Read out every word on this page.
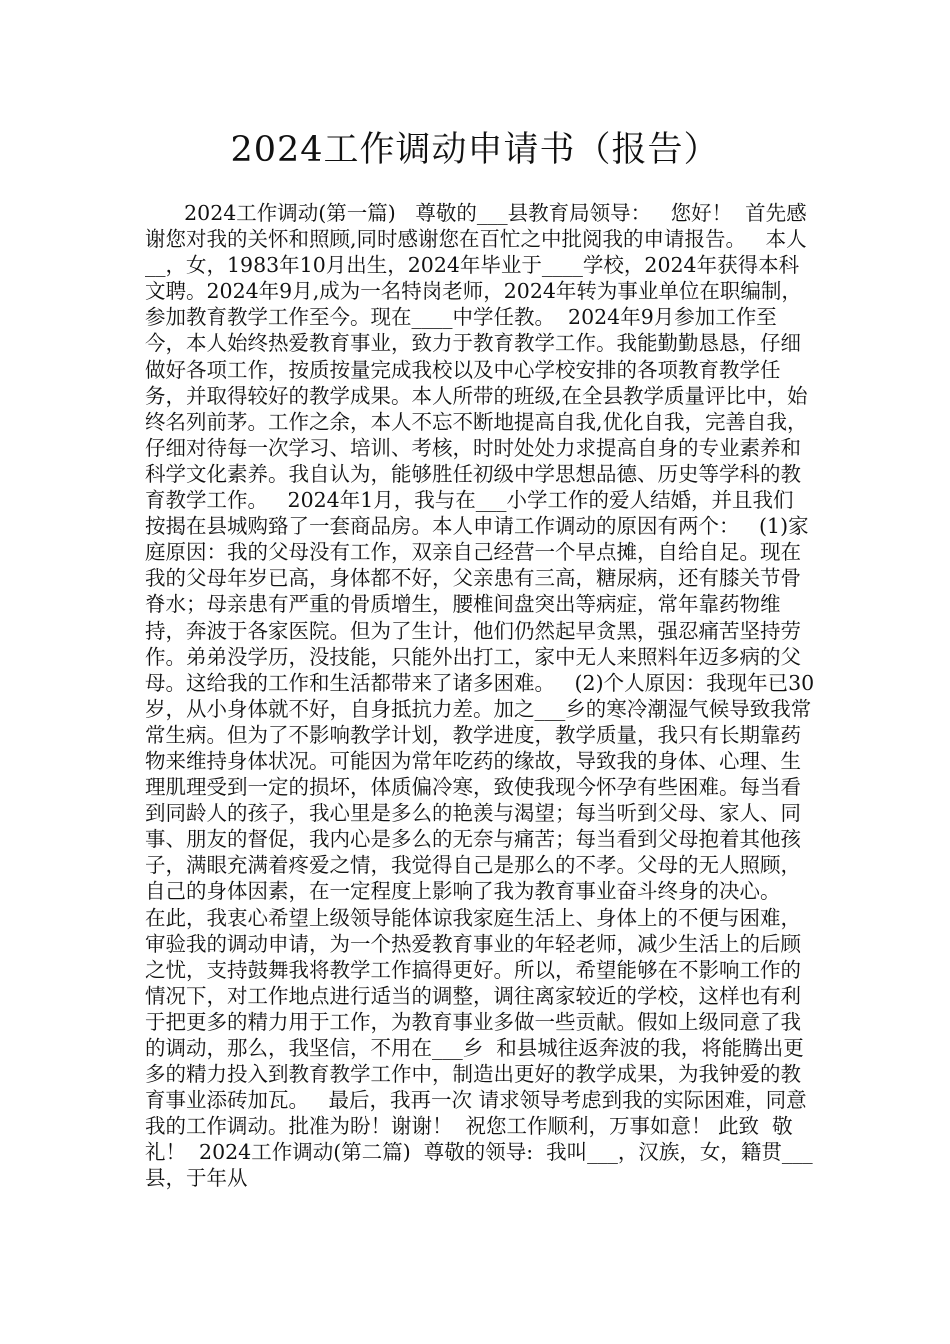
2024工作调动申请书（报告）

2024工作调动(第一篇)   尊敬的___县教育局领导：   您好！  首先感谢您对我的关怀和照顾,同时感谢您在百忙之中批阅我的申请报告。   本人__，女，1983年10月出生，2024年毕业于____学校，2024年获得本科文聘。2024年9月,成为一名特岗老师，2024年转为事业单位在职编制，参加教育教学工作至今。现在____中学任教。  2024年9月参加工作至今，本人始终热爱教育事业，致力于教育教学工作。我能勤勤恳恳，仔细做好各项工作，按质按量完成我校以及中心学校安排的各项教育教学任务，并取得较好的教学成果。本人所带的班级,在全县教学质量评比中，始终名列前茅。工作之余，本人不忘不断地提高自我,优化自我，完善自我，仔细对待每一次学习、培训、考核，时时处处力求提高自身的专业素养和科学文化素养。我自认为，能够胜任初级中学思想品德、历史等学科的教育教学工作。   2024年1月，我与在___小学工作的爱人结婚，并且我们  按揭在县城购臵了一套商品房。本人申请工作调动的原因有两个：   (1)家庭原因：我的父母没有工作，双亲自己经营一个早点摊，自给自足。现在我的父母年岁已高，身体都不好，父亲患有三高，糖尿病，还有膝关节骨脊水；母亲患有严重的骨质增生，腰椎间盘突出等病症，常年靠药物维持，奔波于各家医院。但为了生计，他们仍然起早贪黑，强忍痛苦坚持劳作。弟弟没学历，没技能，只能外出打工，家中无人来照料年迈多病的父母。这给我的工作和生活都带来了诸多困难。   (2)个人原因：我现年已30岁，从小身体就不好，自身抵抗力差。加之___乡的寒冷潮湿气候导致我常常生病。但为了不影响教学计划，教学进度，教学质量，我只有长期靠药物来维持身体状况。可能因为常年吃药的缘故，导致我的身体、心理、生理肌理受到一定的损坏，体质偏冷寒，致使我现今怀孕有些困难。每当看到同龄人的孩子，我心里是多么的艳羡与渴望；每当听到父母、家人、同事、朋友的督促，我内心是多么的无奈与痛苦；每当看到父母抱着其他孩子，满眼充满着疼爱之情，我觉得自己是那么的不孝。父母的无人照顾，自己的身体因素，在一定程度上影响了我为教育事业奋斗终身的决心。   在此，我衷心希望上级领导能体谅我家庭生活上、身体上的不便与困难，审验我的调动申请，为一个热爱教育事业的年轻老师，减少生活上的后顾之忧，支持鼓舞我将教学工作搞得更好。所以，希望能够在不影响工作的情况下，对工作地点进行适当的调整，调往离家较近的学校，这样也有利于把更多的精力用于工作，为教育事业多做一些贡献。假如上级同意了我的调动，那么，我坚信，不用在___乡  和县城往返奔波的我，将能腾出更多的精力投入到教育教学工作中，制造出更好的教学成果，为我钟爱的教育事业添砖加瓦。   最后，我再一次 请求领导考虑到我的实际困难，同意我的工作调动。批准为盼！谢谢！  祝您工作顺利，万事如意！ 此致  敬礼！  2024工作调动(第二篇)  尊敬的领导:  我叫___，汉族，女，籍贯___县，于年从
